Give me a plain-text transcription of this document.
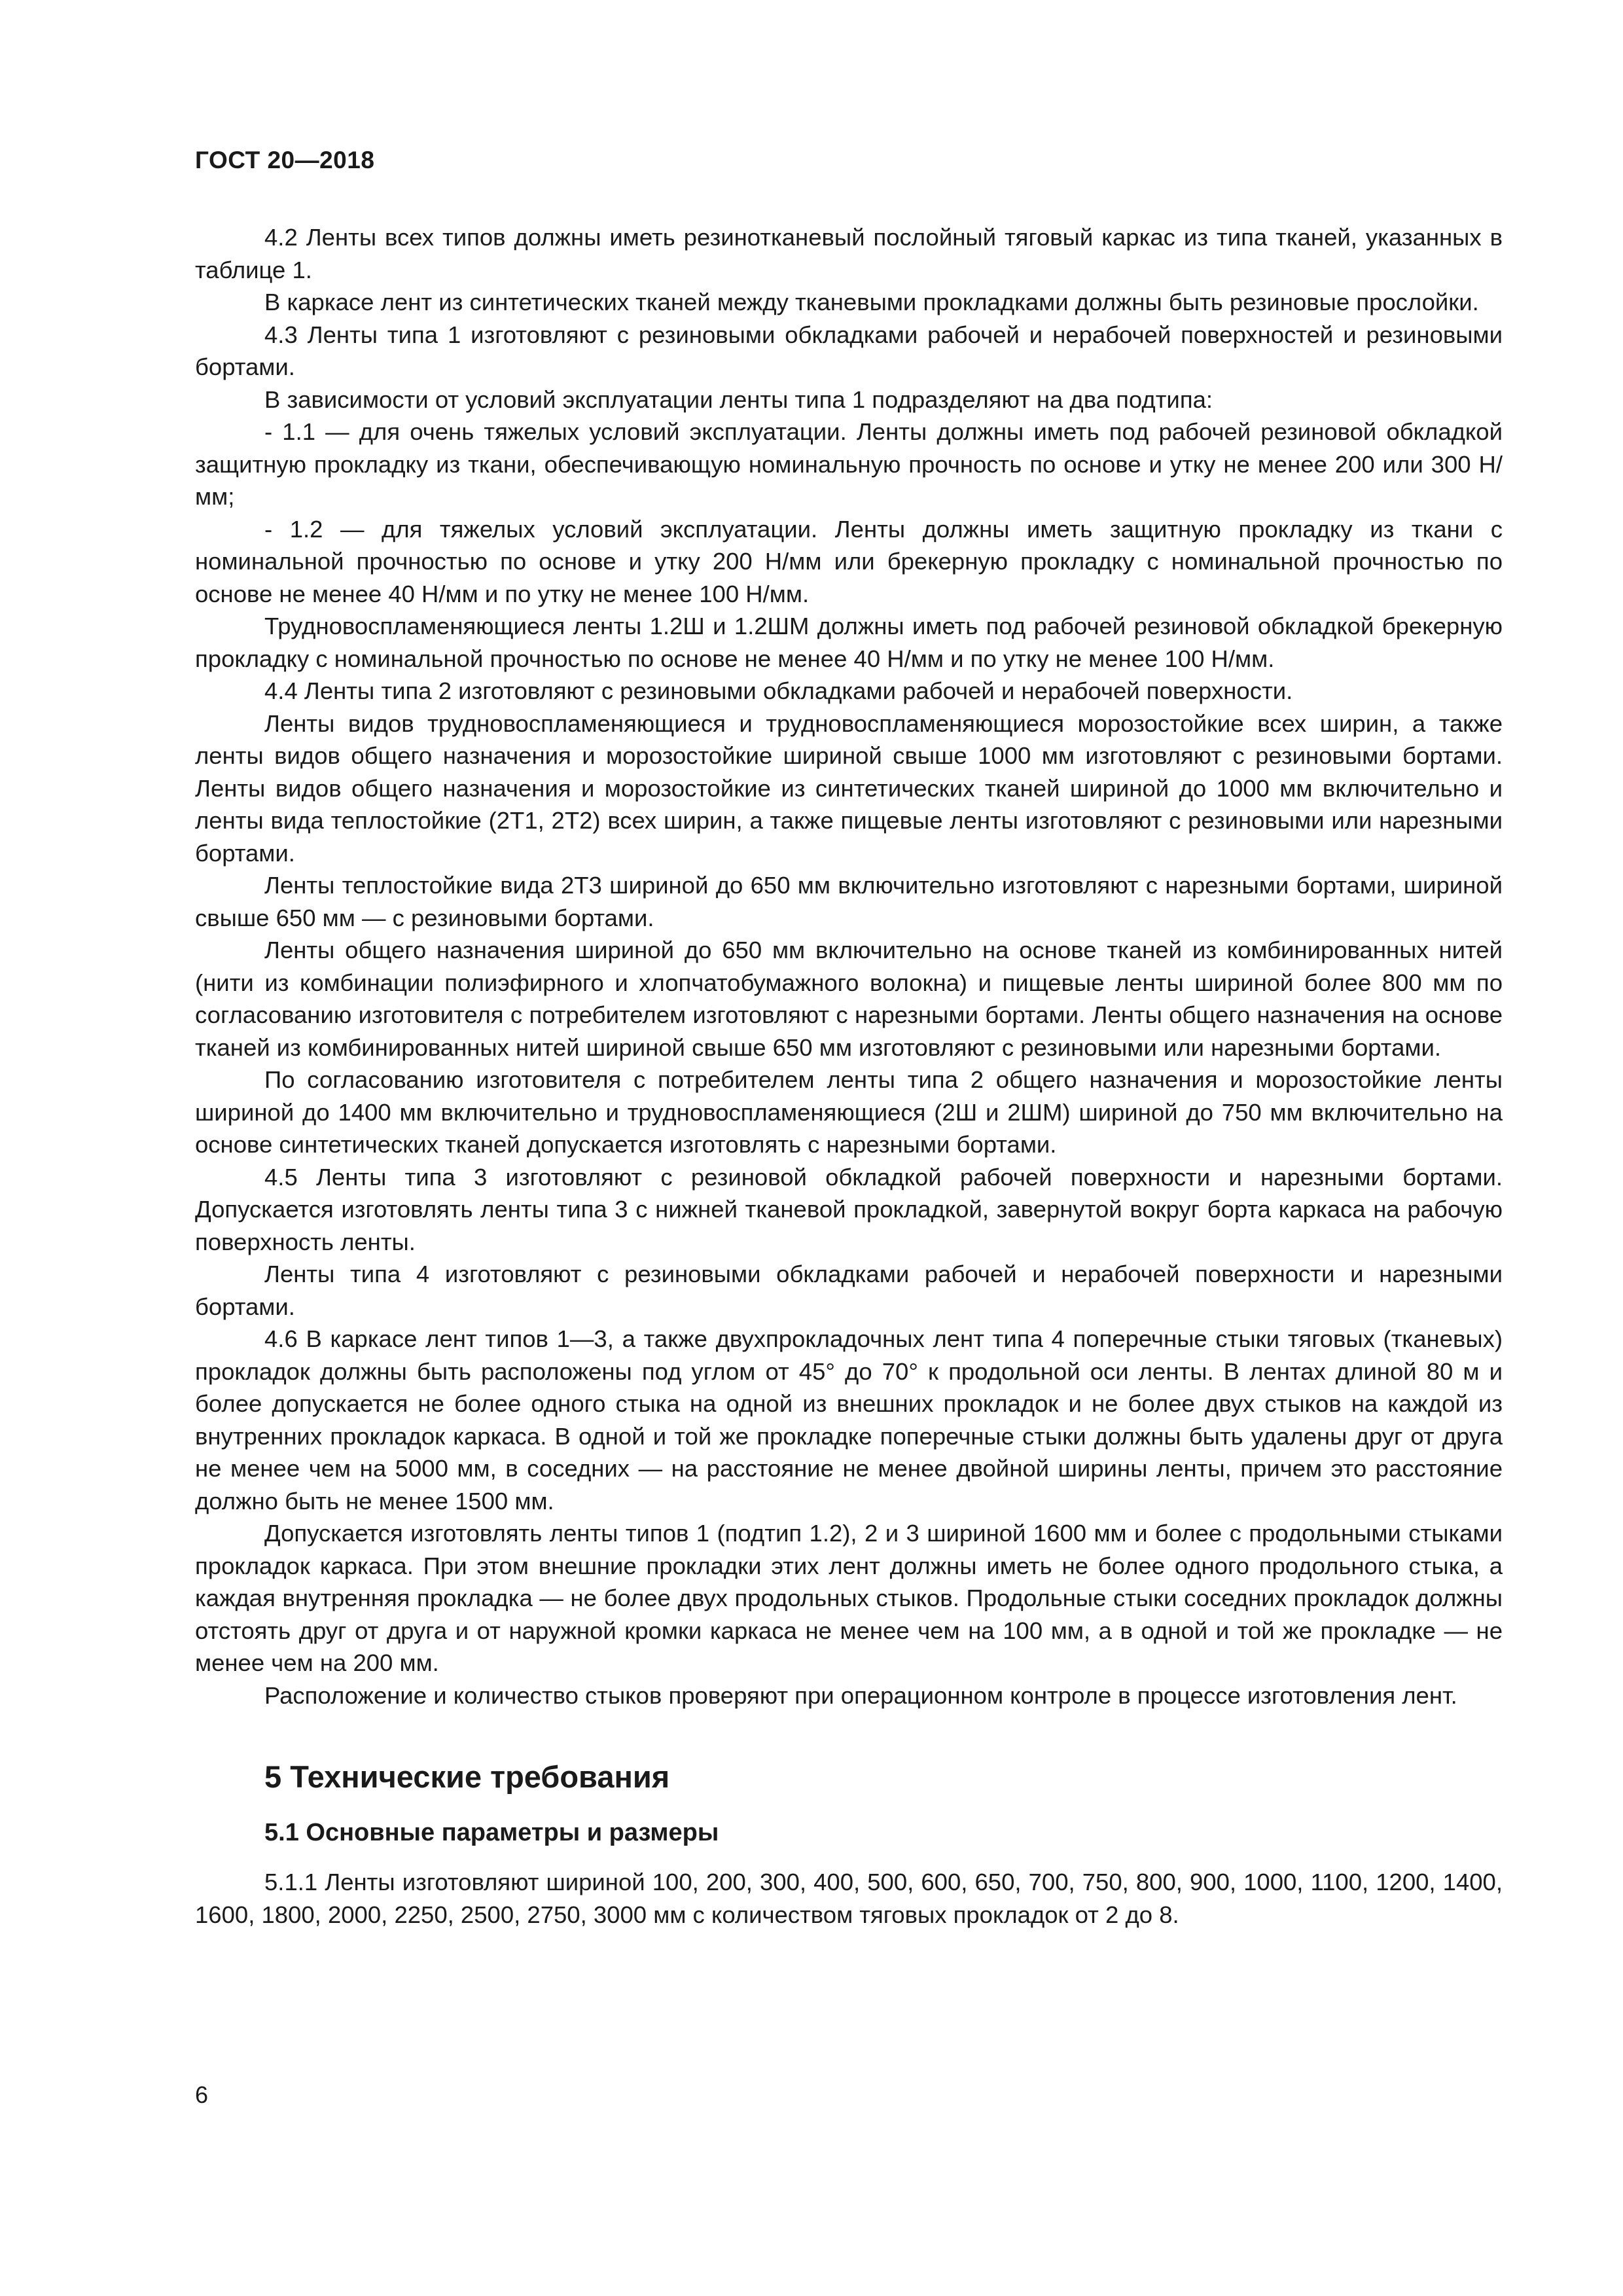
ГОСТ 20—2018

4.2 Ленты всех типов должны иметь резинотканевый послойный тяговый каркас из типа тканей, указанных в таблице 1.

В каркасе лент из синтетических тканей между тканевыми прокладками должны быть резиновые прослойки.

4.3 Ленты типа 1 изготовляют с резиновыми обкладками рабочей и нерабочей поверхностей и резиновыми бортами.

В зависимости от условий эксплуатации ленты типа 1 подразделяют на два подтипа:

- 1.1 — для очень тяжелых условий эксплуатации. Ленты должны иметь под рабочей резиновой обкладкой защитную прокладку из ткани, обеспечивающую номинальную прочность по основе и утку не менее 200 или 300 Н/мм;

- 1.2 — для тяжелых условий эксплуатации. Ленты должны иметь защитную прокладку из ткани с номинальной прочностью по основе и утку 200 Н/мм или брекерную прокладку с номинальной прочностью по основе не менее 40 Н/мм и по утку не менее 100 Н/мм.

Трудновоспламеняющиеся ленты 1.2Ш и 1.2ШМ должны иметь под рабочей резиновой обкладкой брекерную прокладку с номинальной прочностью по основе не менее 40 Н/мм и по утку не менее 100 Н/мм.

4.4 Ленты типа 2 изготовляют с резиновыми обкладками рабочей и нерабочей поверхности.

Ленты видов трудновоспламеняющиеся и трудновоспламеняющиеся морозостойкие всех ширин, а также ленты видов общего назначения и морозостойкие шириной свыше 1000 мм изготовляют с резиновыми бортами. Ленты видов общего назначения и морозостойкие из синтетических тканей шириной до 1000 мм включительно и ленты вида теплостойкие (2Т1, 2Т2) всех ширин, а также пищевые ленты изготовляют с резиновыми или нарезными бортами.

Ленты теплостойкие вида 2Т3 шириной до 650 мм включительно изготовляют с нарезными бортами, шириной свыше 650 мм — с резиновыми бортами.

Ленты общего назначения шириной до 650 мм включительно на основе тканей из комбинированных нитей (нити из комбинации полиэфирного и хлопчатобумажного волокна) и пищевые ленты шириной более 800 мм по согласованию изготовителя с потребителем изготовляют с нарезными бортами. Ленты общего назначения на основе тканей из комбинированных нитей шириной свыше 650 мм изготовляют с резиновыми или нарезными бортами.

По согласованию изготовителя с потребителем ленты типа 2 общего назначения и морозостойкие ленты шириной до 1400 мм включительно и трудновоспламеняющиеся (2Ш и 2ШМ) шириной до 750 мм включительно на основе синтетических тканей допускается изготовлять с нарезными бортами.

4.5 Ленты типа 3 изготовляют с резиновой обкладкой рабочей поверхности и нарезными бортами. Допускается изготовлять ленты типа 3 с нижней тканевой прокладкой, завернутой вокруг борта каркаса на рабочую поверхность ленты.

Ленты типа 4 изготовляют с резиновыми обкладками рабочей и нерабочей поверхности и нарезными бортами.

4.6 В каркасе лент типов 1—3, а также двухпрокладочных лент типа 4 поперечные стыки тяговых (тканевых) прокладок должны быть расположены под углом от 45° до 70° к продольной оси ленты. В лентах длиной 80 м и более допускается не более одного стыка на одной из внешних прокладок и не более двух стыков на каждой из внутренних прокладок каркаса. В одной и той же прокладке поперечные стыки должны быть удалены друг от друга не менее чем на 5000 мм, в соседних — на расстояние не менее двойной ширины ленты, причем это расстояние должно быть не менее 1500 мм.

Допускается изготовлять ленты типов 1 (подтип 1.2), 2 и 3 шириной 1600 мм и более с продольными стыками прокладок каркаса. При этом внешние прокладки этих лент должны иметь не более одного продольного стыка, а каждая внутренняя прокладка — не более двух продольных стыков. Продольные стыки соседних прокладок должны отстоять друг от друга и от наружной кромки каркаса не менее чем на 100 мм, а в одной и той же прокладке — не менее чем на 200 мм.

Расположение и количество стыков проверяют при операционном контроле в процессе изготовления лент.

5 Технические требования
5.1 Основные параметры и размеры

5.1.1 Ленты изготовляют шириной 100, 200, 300, 400, 500, 600, 650, 700, 750, 800, 900, 1000, 1100, 1200, 1400, 1600, 1800, 2000, 2250, 2500, 2750, 3000 мм с количеством тяговых прокладок от 2 до 8.

6
